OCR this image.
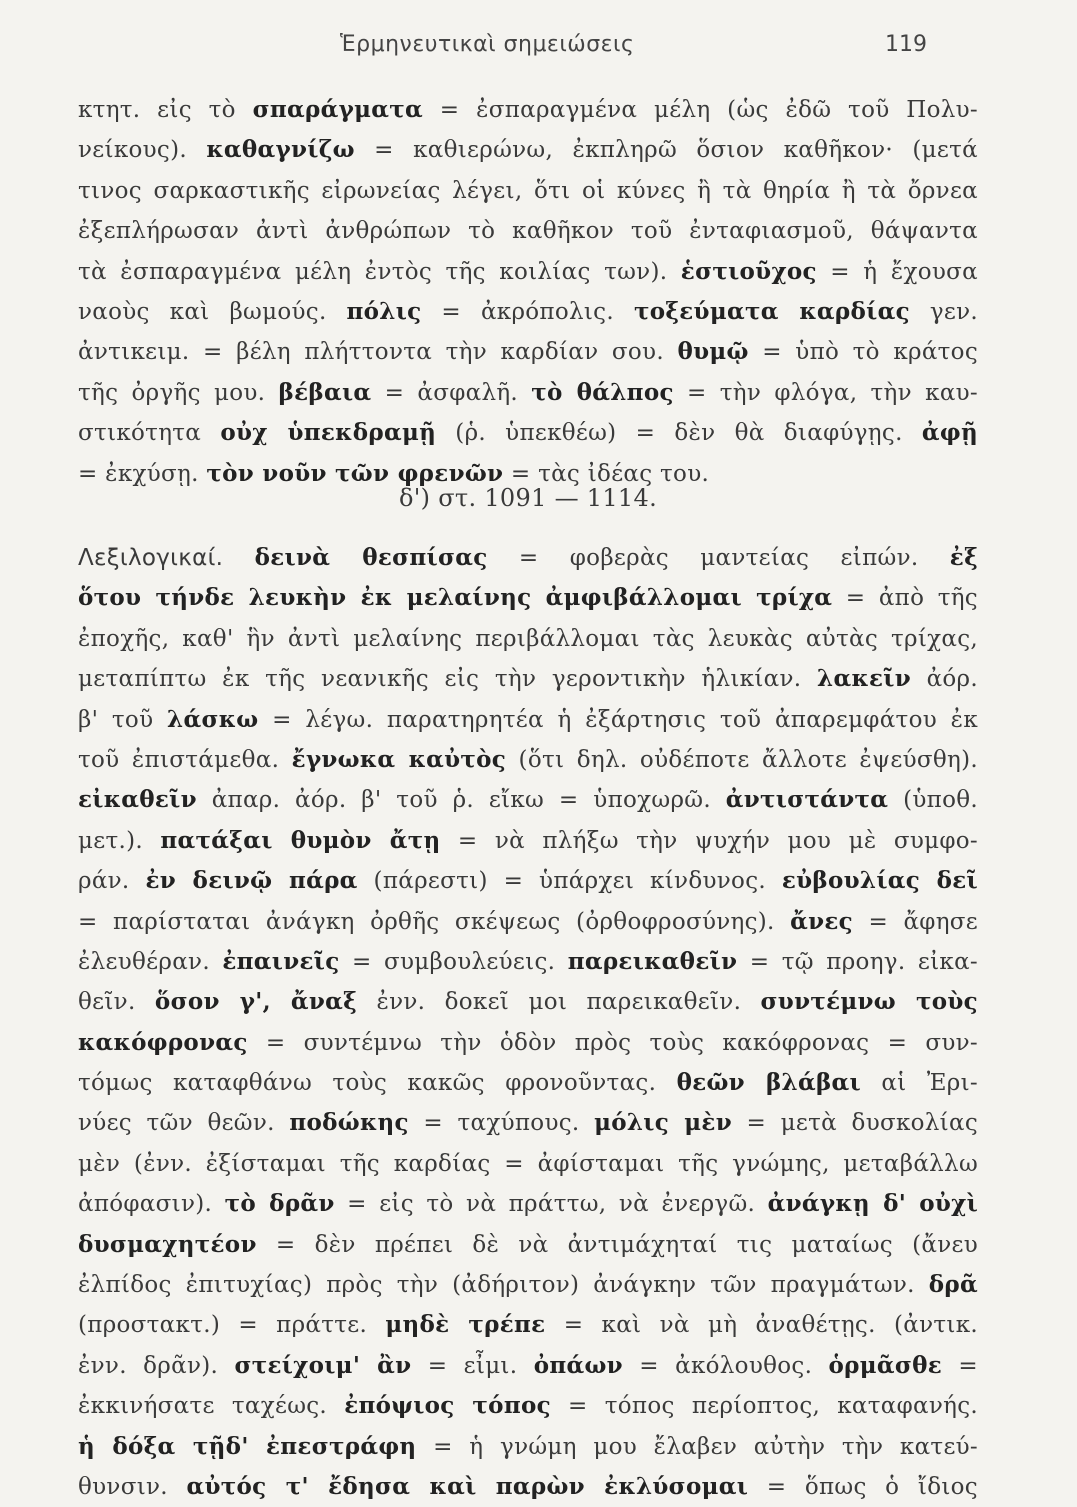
Ἑρμηνευτικαὶ σημειώσεις	119
κτητ. εἰς τὸ σπαράγματα = ἐσπαραγμένα μέλη (ὡς ἐδῶ τοῦ Πολυ-
νείκους). καθαγνίζω = καθιερώνω, ἐκπληρῶ ὅσιον καθῆκον· (μετά
τινος σαρκαστικῆς εἰρωνείας λέγει, ὅτι οἱ κύνες ἢ τὰ θηρία ἢ τὰ ὄρνεα
ἐξεπλήρωσαν ἀντὶ ἀνθρώπων τὸ καθῆκον τοῦ ἐνταφιασμοῦ, θάψαντα
τὰ ἐσπαραγμένα μέλη ἐντὸς τῆς κοιλίας των). ἑστιοῦχος = ἡ ἔχουσα
ναοὺς καὶ βωμούς. πόλις = ἀκρόπολις. τοξεύματα καρδίας γεν.
ἀντικειμ. = βέλη πλήττοντα τὴν καρδίαν σου. θυμῷ = ὑπὸ τὸ κράτος
τῆς ὀργῆς μου. βέβαια = ἀσφαλῆ. τὸ θάλπος = τὴν φλόγα, τὴν καυ-
στικότητα οὐχ ὑπεκδραμῇ (ῥ. ὑπεκθέω) = δὲν θὰ διαφύγῃς. ἀφῇ
= ἐκχύσῃ. τὸν νοῦν τῶν φρενῶν = τὰς ἰδέας του.
δ') στ. 1091 — 1114.
Λεξιλογικαί. δεινὰ θεσπίσας = φοβερὰς μαντείας εἰπών. ἐξ
ὅτου τήνδε λευκὴν ἐκ μελαίνης ἀμφιβάλλομαι τρίχα = ἀπὸ τῆς
ἐποχῆς, καθ' ἣν ἀντὶ μελαίνης περιβάλλομαι τὰς λευκὰς αὐτὰς τρίχας,
μεταπίπτω ἐκ τῆς νεανικῆς εἰς τὴν γεροντικὴν ἡλικίαν. λακεῖν ἀόρ.
β' τοῦ λάσκω = λέγω. παρατηρητέα ἡ ἐξάρτησις τοῦ ἀπαρεμφάτου ἐκ
τοῦ ἐπιστάμεθα. ἔγνωκα καὐτὸς (ὅτι δηλ. οὐδέποτε ἄλλοτε ἐψεύσθη).
εἰκαθεῖν ἀπαρ. ἀόρ. β' τοῦ ῥ. εἴκω = ὑποχωρῶ. ἀντιστάντα (ὑποθ.
μετ.). πατάξαι θυμὸν ἄτῃ = νὰ πλήξω τὴν ψυχήν μου μὲ συμφο-
ράν. ἐν δεινῷ πάρα (πάρεστι) = ὑπάρχει κίνδυνος. εὐβουλίας δεῖ
= παρίσταται ἀνάγκη ὀρθῆς σκέψεως (ὀρθοφροσύνης). ἄνες = ἄφησε
ἐλευθέραν. ἐπαινεῖς = συμβουλεύεις. παρεικαθεῖν = τῷ προηγ. εἰκα-
θεῖν. ὅσον γ', ἄναξ ἐνν. δοκεῖ μοι παρεικαθεῖν. συντέμνω τοὺς
κακόφρονας = συντέμνω τὴν ὁδὸν πρὸς τοὺς κακόφρονας = συν-
τόμως καταφθάνω τοὺς κακῶς φρονοῦντας. θεῶν βλάβαι αἱ Ἐρι-
νύες τῶν θεῶν. ποδώκης = ταχύπους. μόλις μὲν = μετὰ δυσκολίας
μὲν (ἐνν. ἐξίσταμαι τῆς καρδίας = ἀφίσταμαι τῆς γνώμης, μεταβάλλω
ἀπόφασιν). τὸ δρᾶν = εἰς τὸ νὰ πράττω, νὰ ἐνεργῶ. ἀνάγκῃ δ' οὐχὶ
δυσμαχητέον = δὲν πρέπει δὲ νὰ ἀντιμάχηταί τις ματαίως (ἄνευ
ἐλπίδος ἐπιτυχίας) πρὸς τὴν (ἀδήριτον) ἀνάγκην τῶν πραγμάτων. δρᾶ
(προστακτ.) = πράττε. μηδὲ τρέπε = καὶ νὰ μὴ ἀναθέτῃς. (ἀντικ.
ἐνν. δρᾶν). στείχοιμ' ἂν = εἶμι. ὀπάων = ἀκόλουθος. ὁρμᾶσθε =
ἐκκινήσατε ταχέως. ἐπόψιος τόπος = τόπος περίοπτος, καταφανής.
ἡ δόξα τῇδ' ἐπεστράφη = ἡ γνώμη μου ἔλαβεν αὐτὴν τὴν κατεύ-
θυνσιν. αὐτός τ' ἔδησα καὶ παρὼν ἐκλύσομαι = ὅπως ὁ ἴδιος
